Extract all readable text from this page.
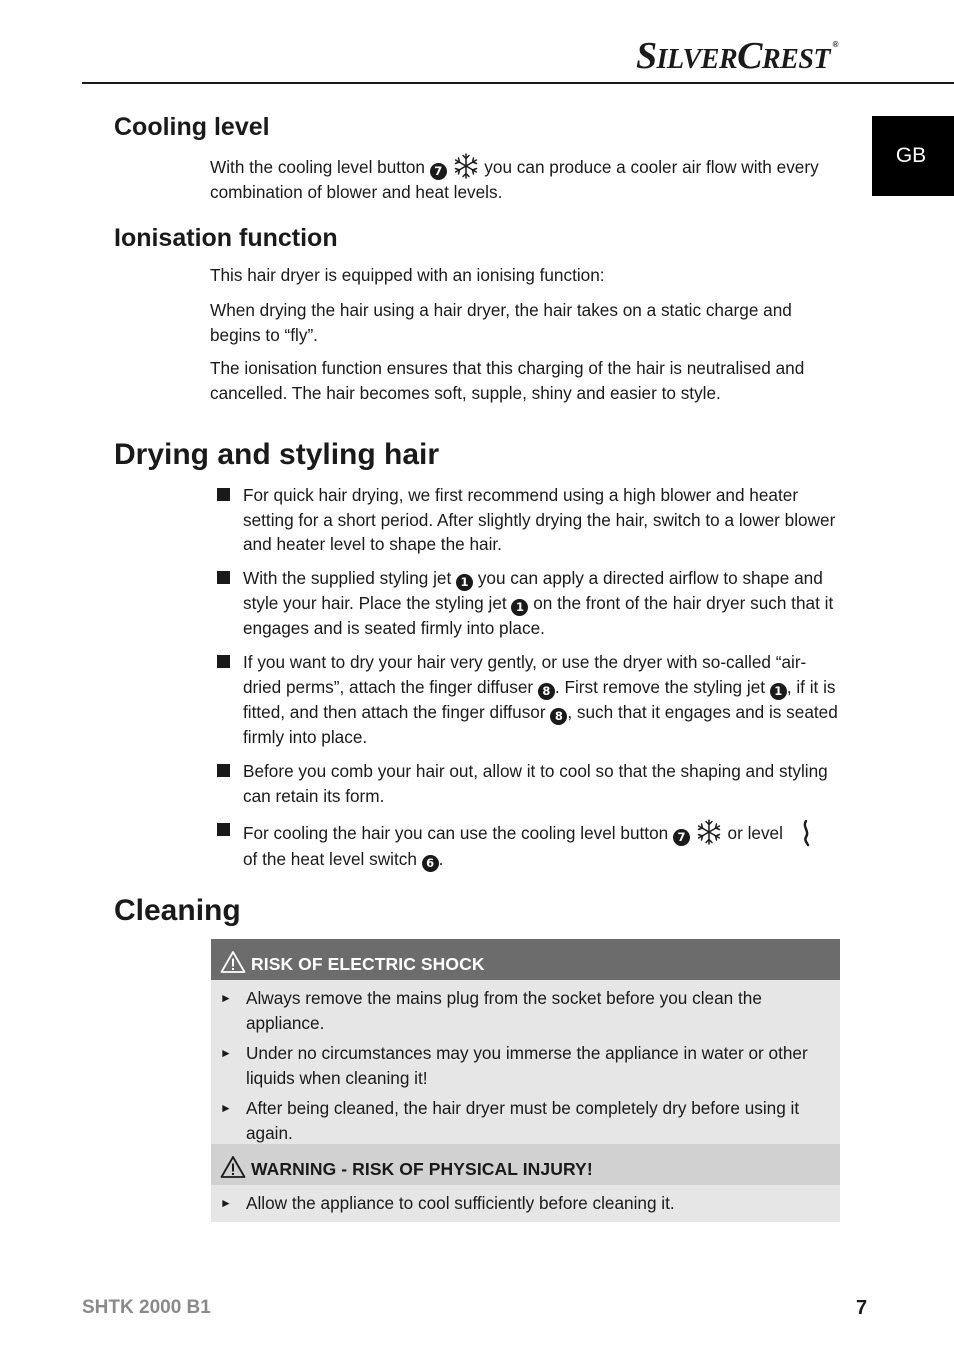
SILVERCREST ®
GB
Cooling level

With the cooling level button 7  you can produce a cooler air flow with every combination of blower and heat levels.

Ionisation function

This hair dryer is equipped with an ionising function:

When drying the hair using a hair dryer, the hair takes on a static charge and begins to “fly”.

The ionisation function ensures that this charging of the hair is neutralised and cancelled. The hair becomes soft, supple, shiny and easier to style.

Drying and styling hair
For quick hair drying, we first recommend using a high blower and heater setting for a short period. After slightly drying the hair, switch to a lower blower and heater level to shape the hair.
With the supplied styling jet 1 you can apply a directed airflow to shape and style your hair. Place the styling jet 1 on the front of the hair dryer such that it engages and is seated firmly into place.
If you want to dry your hair very gently, or use the dryer with so-called “air-dried perms”, attach the finger diffuser 8 . First remove the styling jet 1 , if it is fitted, and then attach the finger diffusor 8 , such that it engages and is seated firmly into place.
Before you comb your hair out, allow it to cool so that the shaping and styling can retain its form.
For cooling the hair you can use the cooling level button 7  or level
of the heat level switch 6 .
Cleaning
RISK OF ELECTRIC SHOCK
► Always remove the mains plug from the socket before you clean the appliance.
► Under no circumstances may you immerse the appliance in water or other liquids when cleaning it!
► After being cleaned, the hair dryer must be completely dry before using it again.
WARNING - RISK OF PHYSICAL INJURY!
► Allow the appliance to cool sufficiently before cleaning it.
SHTK 2000 B1	7
